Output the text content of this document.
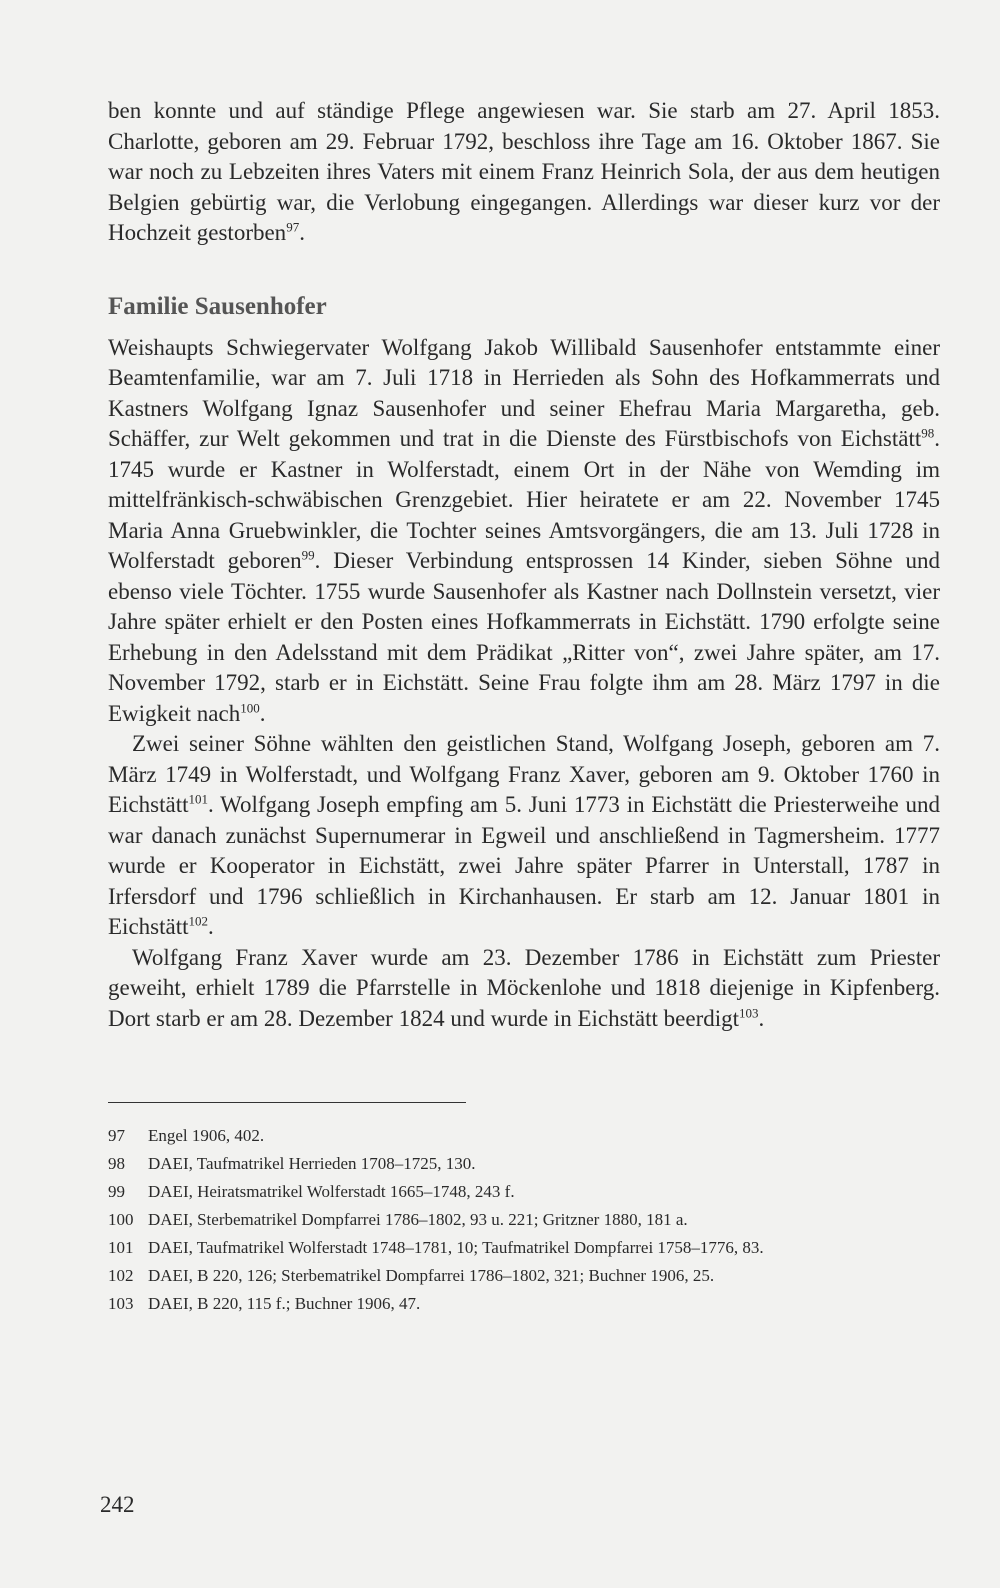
ben konnte und auf ständige Pflege angewiesen war. Sie starb am 27. April 1853. Charlotte, geboren am 29. Februar 1792, beschloss ihre Tage am 16. Oktober 1867. Sie war noch zu Lebzeiten ihres Vaters mit einem Franz Heinrich Sola, der aus dem heutigen Belgien gebürtig war, die Verlobung eingegangen. Allerdings war dieser kurz vor der Hochzeit gestorben$^{97}$.

Familie Sausenhofer

Weishaupts Schwiegervater Wolfgang Jakob Willibald Sausenhofer entstammte einer Beamtenfamilie, war am 7. Juli 1718 in Herrieden als Sohn des Hofkammerrats und Kastners Wolfgang Ignaz Sausenhofer und seiner Ehefrau Maria Margaretha, geb. Schäffer, zur Welt gekommen und trat in die Dienste des Fürstbischofs von Eichstätt$^{98}$. 1745 wurde er Kastner in Wolferstadt, einem Ort in der Nähe von Wemding im mittelfränkisch-schwäbischen Grenzgebiet. Hier heiratete er am 22. November 1745 Maria Anna Gruebwinkler, die Tochter seines Amtsvorgängers, die am 13. Juli 1728 in Wolferstadt geboren$^{99}$. Dieser Verbindung entsprossen 14 Kinder, sieben Söhne und ebenso viele Töchter. 1755 wurde Sausenhofer als Kastner nach Dollnstein versetzt, vier Jahre später erhielt er den Posten eines Hofkammerrats in Eichstätt. 1790 erfolgte seine Erhebung in den Adelsstand mit dem Prädikat „Ritter von“, zwei Jahre später, am 17. November 1792, starb er in Eichstätt. Seine Frau folgte ihm am 28. März 1797 in die Ewigkeit nach$^{100}$.

Zwei seiner Söhne wählten den geistlichen Stand, Wolfgang Joseph, geboren am 7. März 1749 in Wolferstadt, und Wolfgang Franz Xaver, geboren am 9. Oktober 1760 in Eichstätt$^{101}$. Wolfgang Joseph empfing am 5. Juni 1773 in Eichstätt die Priesterweihe und war danach zunächst Supernumerar in Egweil und anschließend in Tagmersheim. 1777 wurde er Kooperator in Eichstätt, zwei Jahre später Pfarrer in Unterstall, 1787 in Irfersdorf und 1796 schließlich in Kirchanhausen. Er starb am 12. Januar 1801 in Eichstätt$^{102}$.

Wolfgang Franz Xaver wurde am 23. Dezember 1786 in Eichstätt zum Priester geweiht, erhielt 1789 die Pfarrstelle in Möckenlohe und 1818 diejenige in Kipfenberg. Dort starb er am 28. Dezember 1824 und wurde in Eichstätt beerdigt$^{103}$.

97	Engel 1906, 402.
98	DAEI, Taufmatrikel Herrieden 1708–1725, 130.
99	DAEI, Heiratsmatrikel Wolferstadt 1665–1748, 243 f.
100 DAEI, Sterbematrikel Dompfarrei 1786–1802, 93 u. 221; Gritzner 1880, 181 a.
101 DAEI, Taufmatrikel Wolferstadt 1748–1781, 10; Taufmatrikel Dompfarrei 1758–1776, 83.
102 DAEI, B 220, 126; Sterbematrikel Dompfarrei 1786–1802, 321; Buchner 1906, 25.
103 DAEI, B 220, 115 f.; Buchner 1906, 47.
242
